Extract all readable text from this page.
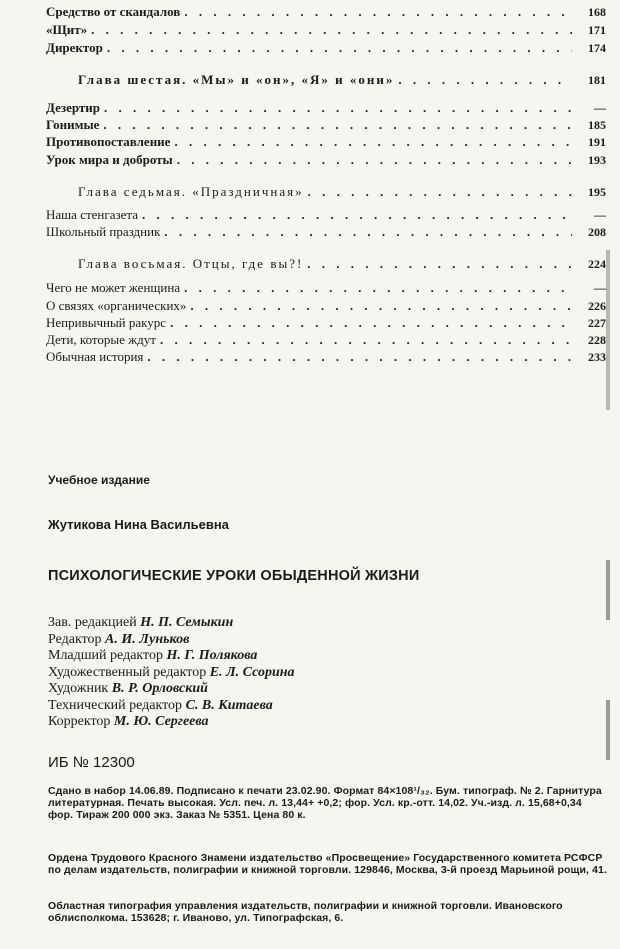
Средство от скандалов . . .	168
«Щит» . . .	171
Директор . . .	174
Глава шестая. «Мы» и «он», «Я» и «они» . . .	181
Дезертир . . .	—
Гонимые . . .	185
Противопоставление . . .	191
Урок мира и доброты . . .	193
Глава седьмая. «Праздничная» . . .	195
Наша стенгазета . . .	—
Школьный праздник . . .	208
Глава восьмая. Отцы, где вы?! . . .	224
Чего не может женщина . . .	—
О связях «органических» . . .	226
Непривычный ракурс . . .	227
Дети, которые ждут . . .	228
Обычная история . . .	233
Учебное издание
Жутикова Нина Васильевна
ПСИХОЛОГИЧЕСКИЕ УРОКИ ОБЫДЕННОЙ ЖИЗНИ
Зав. редакцией Н. П. Семыкин
Редактор А. И. Луньков
Младший редактор Н. Г. Полякова
Художественный редактор Е. Л. Ссорина
Художник В. Р. Орловский
Технический редактор С. В. Китаева
Корректор М. Ю. Сергеева
ИБ № 12300
Сдано в набор 14.06.89. Подписано к печати 23.02.90. Формат 84×108¹/₃₂. Бум. типограф. № 2. Гарнитура литературная. Печать высокая. Усл. печ. л. 13,44+ +0,2; фор. Усл. кр.-отт. 14,02. Уч.-изд. л. 15,68+0,34 фор. Тираж 200 000 экз. Заказ № 5351. Цена 80 к.
Ордена Трудового Красного Знамени издательство «Просвещение» Государственного комитета РСФСР по делам издательств, полиграфии и книжной торговли. 129846, Москва, 3-й проезд Марьиной рощи, 41.
Областная типография управления издательств, полиграфии и книжной торговли. Ивановского облисполкома. 153628; г. Иваново, ул. Типографская, 6.
